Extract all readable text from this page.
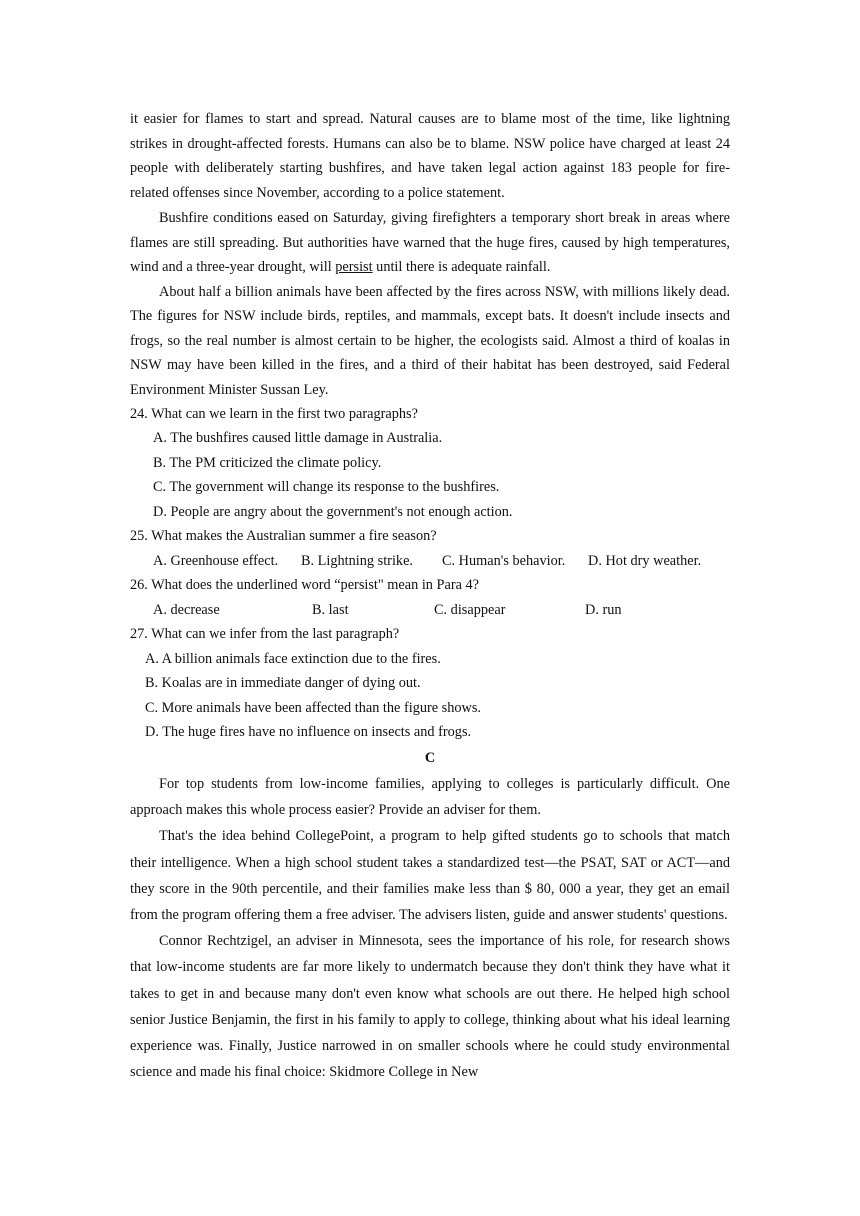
it easier for flames to start and spread. Natural causes are to blame most of the time, like lightning strikes in drought-affected forests. Humans can also be to blame. NSW police have charged at least 24 people with deliberately starting bushfires, and have taken legal action against 183 people for fire-related offenses since November, according to a police statement.

Bushfire conditions eased on Saturday, giving firefighters a temporary short break in areas where flames are still spreading. But authorities have warned that the huge fires, caused by high temperatures, wind and a three-year drought, will persist until there is adequate rainfall.

About half a billion animals have been affected by the fires across NSW, with millions likely dead. The figures for NSW include birds, reptiles, and mammals, except bats. It doesn't include insects and frogs, so the real number is almost certain to be higher, the ecologists said. Almost a third of koalas in NSW may have been killed in the fires, and a third of their habitat has been destroyed, said Federal Environment Minister Sussan Ley.

24. What can we learn in the first two paragraphs?

A. The bushfires caused little damage in Australia.

B. The PM criticized the climate policy.

C. The government will change its response to the bushfires.

D. People are angry about the government's not enough action.

25. What makes the Australian summer a fire season?

A. Greenhouse effect.	B. Lightning strike.	C. Human's behavior.	D. Hot dry weather.

26. What does the underlined word “persist" mean in Para 4?

A. decrease	B. last	C. disappear	D. run

27. What can we infer from the last paragraph?

A. A billion animals face extinction due to the fires.

B. Koalas are in immediate danger of dying out.

C. More animals have been affected than the figure shows.

D. The huge fires have no influence on insects and frogs.

C

For top students from low-income families, applying to colleges is particularly difficult. One approach makes this whole process easier? Provide an adviser for them.

That's the idea behind CollegePoint, a program to help gifted students go to schools that match their intelligence. When a high school student takes a standardized test—the PSAT, SAT or ACT—and they score in the 90th percentile, and their families make less than $ 80, 000 a year, they get an email from the program offering them a free adviser. The advisers listen, guide and answer students' questions.

Connor Rechtzigel, an adviser in Minnesota, sees the importance of his role, for research shows that low-income students are far more likely to undermatch because they don't think they have what it takes to get in and because many don't even know what schools are out there. He helped high school senior Justice Benjamin, the first in his family to apply to college, thinking about what his ideal learning experience was. Finally, Justice narrowed in on smaller schools where he could study environmental science and made his final choice: Skidmore College in New
